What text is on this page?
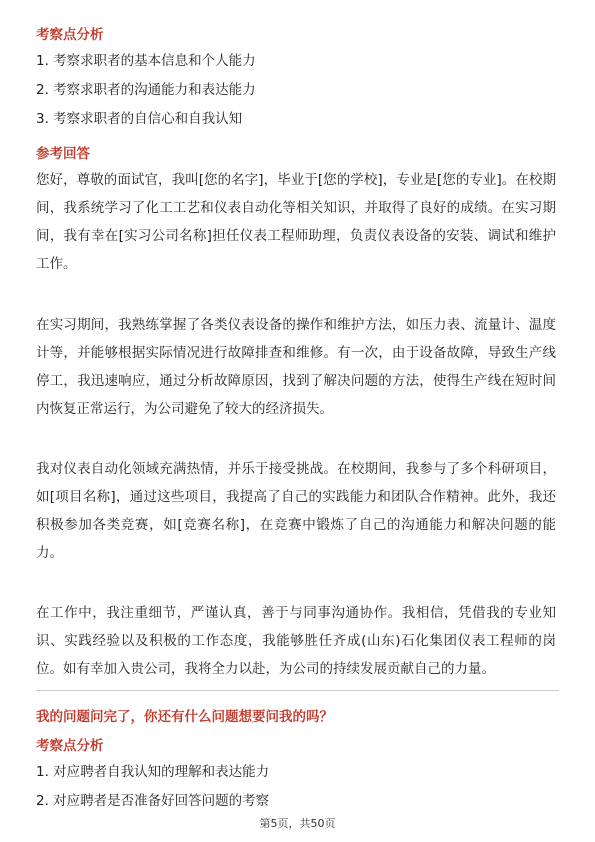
考察点分析
1. 考察求职者的基本信息和个人能力
2. 考察求职者的沟通能力和表达能力
3. 考察求职者的自信心和自我认知
参考回答

您好，尊敬的面试官，我叫[您的名字]，毕业于[您的学校]，专业是[您的专业]。在校期间，我系统学习了化工工艺和仪表自动化等相关知识，并取得了良好的成绩。在实习期间，我有幸在[实习公司名称]担任仪表工程师助理，负责仪表设备的安装、调试和维护工作。

在实习期间，我熟练掌握了各类仪表设备的操作和维护方法，如压力表、流量计、温度计等，并能够根据实际情况进行故障排查和维修。有一次，由于设备故障，导致生产线停工，我迅速响应，通过分析故障原因，找到了解决问题的方法，使得生产线在短时间内恢复正常运行，为公司避免了较大的经济损失。

我对仪表自动化领域充满热情，并乐于接受挑战。在校期间，我参与了多个科研项目，如[项目名称]，通过这些项目，我提高了自己的实践能力和团队合作精神。此外，我还积极参加各类竞赛，如[竞赛名称]，在竞赛中锻炼了自己的沟通能力和解决问题的能力。

在工作中，我注重细节，严谨认真，善于与同事沟通协作。我相信，凭借我的专业知识、实践经验以及积极的工作态度，我能够胜任齐成(山东)石化集团仪表工程师的岗位。如有幸加入贵公司，我将全力以赴，为公司的持续发展贡献自己的力量。

我的问题问完了，你还有什么问题想要问我的吗？
考察点分析
1. 对应聘者自我认知的理解和表达能力
2. 对应聘者是否准备好回答问题的考察
第5页，共50页
